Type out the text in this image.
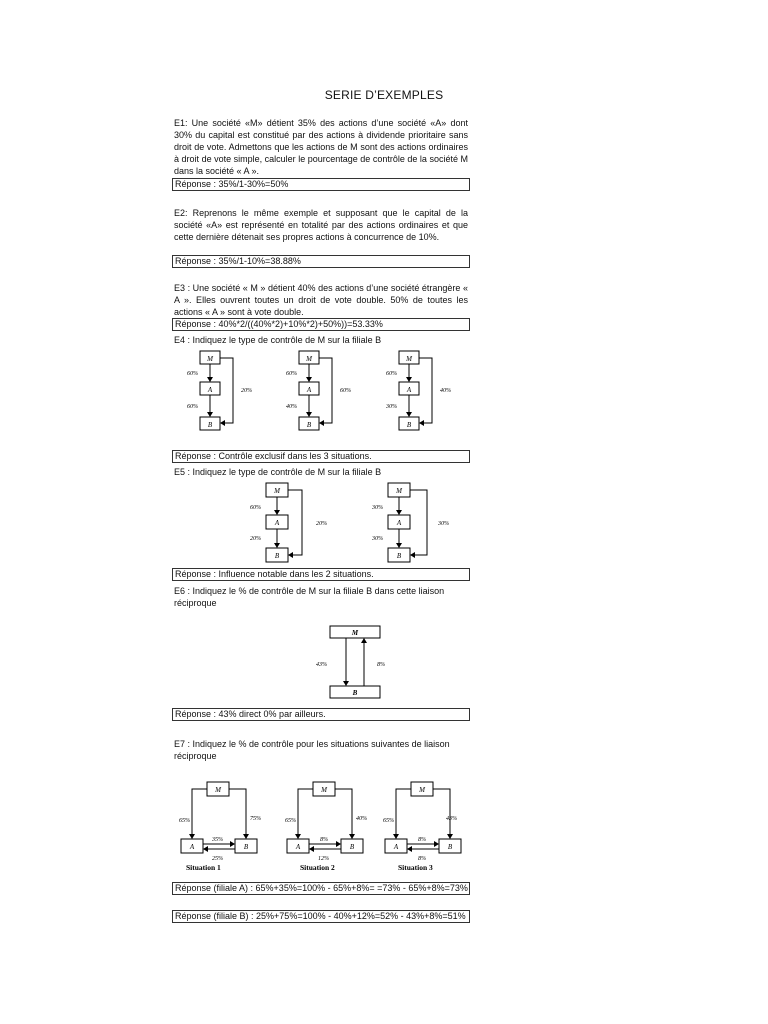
SERIE D’EXEMPLES
E1: Une société «M» détient 35% des actions d’une société «A» dont 30% du capital est constitué par des actions à dividende prioritaire sans droit de vote. Admettons que les actions de M sont des actions ordinaires à droit de vote simple, calculer le pourcentage de contrôle de la société M dans la société « A ».
Réponse : 35%/1-30%=50%
E2: Reprenons le même exemple et supposant que le capital de la société «A» est représenté en totalité par des actions ordinaires et que cette dernière détenait ses propres actions à concurrence de 10%.
Réponse : 35%/1-10%=38.88%
E3 : Une société « M » détient 40% des actions d’une société étrangère « A ». Elles ouvrent toutes un droit de vote double. 50% de toutes les actions « A » sont à vote double.
Réponse : 40%*2/((40%*2)+10%*2)+50%))=53.33%
E4 : Indiquez le type de contrôle de M sur la filiale B
M
A
B
60%
60%
20%
M
A
B
60%
40%
60%
M
A
B
60%
30%
40%
Réponse : Contrôle exclusif dans les 3 situations.
E5 : Indiquez le type de contrôle de M sur la filiale B
M
A
B
60%
20%
20%
M
A
B
30%
30%
30%
Réponse : Influence notable dans les 2 situations.
E6 : Indiquez le % de contrôle de M sur la filiale B dans cette liaison réciproque
M
B
43%	8%
Réponse : 43% direct 0% par ailleurs.
E7 : Indiquez le % de contrôle pour les situations suivantes de liaison réciproque
M
A	B
65%	75%
35%
25%
Situation 1
M
A	B
65%	40%
8%
12%
Situation 2
M
A	B
65%	43%
8%
8%
Situation 3
Réponse (filiale A) : 65%+35%=100% - 65%+8%= =73% - 65%+8%=73%
Réponse (filiale B) : 25%+75%=100% - 40%+12%=52% - 43%+8%=51%
